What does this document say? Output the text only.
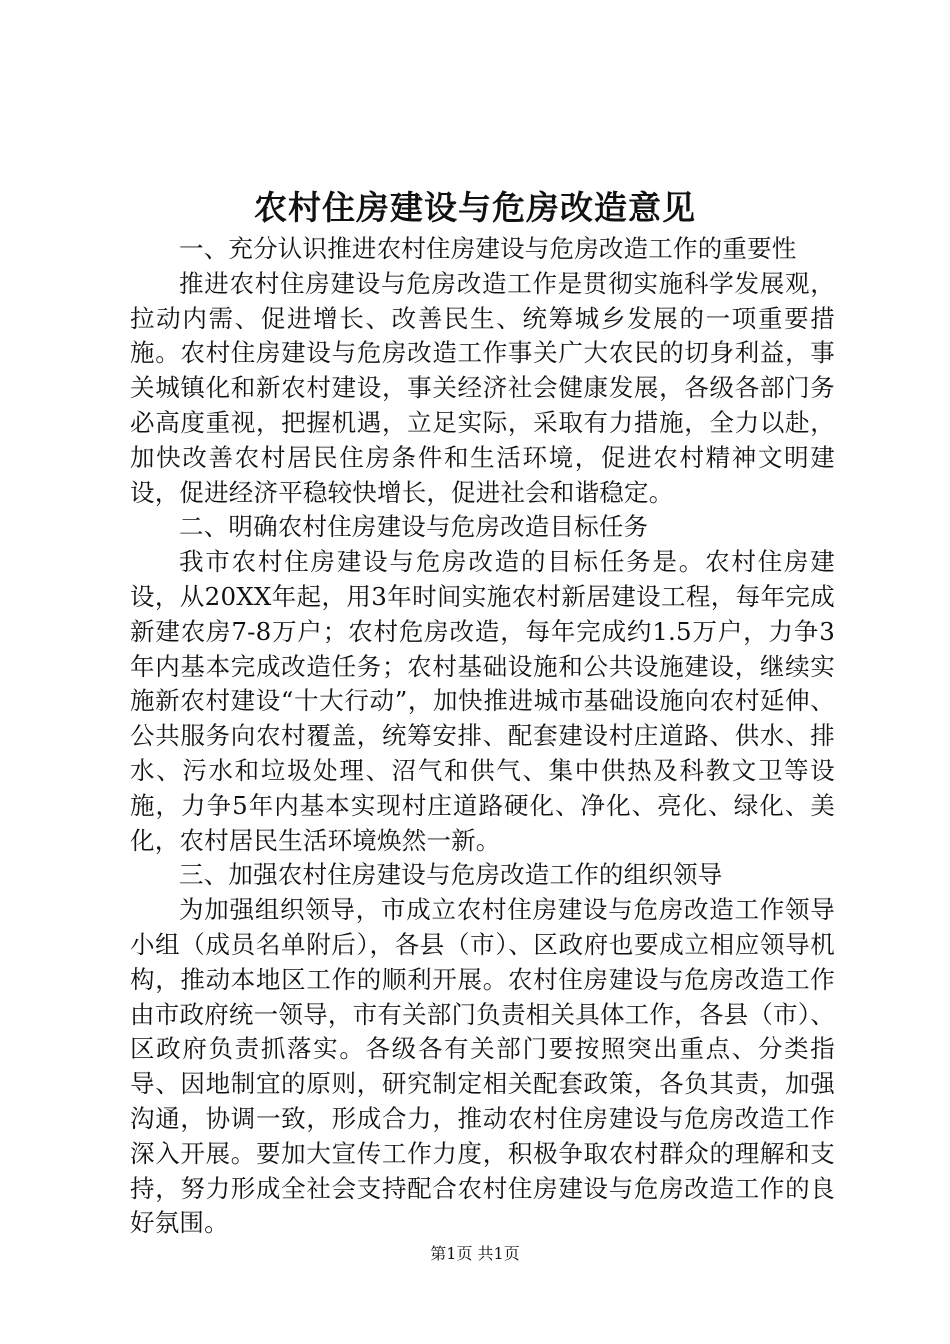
农村住房建设与危房改造意见

一、充分认识推进农村住房建设与危房改造工作的重要性

推进农村住房建设与危房改造工作是贯彻实施科学发展观，拉动内需、促进增长、改善民生、统筹城乡发展的一项重要措施。农村住房建设与危房改造工作事关广大农民的切身利益，事关城镇化和新农村建设，事关经济社会健康发展，各级各部门务必高度重视，把握机遇，立足实际，采取有力措施，全力以赴，加快改善农村居民住房条件和生活环境，促进农村精神文明建设，促进经济平稳较快增长，促进社会和谐稳定。

二、明确农村住房建设与危房改造目标任务

我市农村住房建设与危房改造的目标任务是。农村住房建设，从20XX年起，用3年时间实施农村新居建设工程，每年完成新建农房7-8万户；农村危房改造，每年完成约1.5万户，力争3年内基本完成改造任务；农村基础设施和公共设施建设，继续实施新农村建设“十大行动”，加快推进城市基础设施向农村延伸、公共服务向农村覆盖，统筹安排、配套建设村庄道路、供水、排水、污水和垃圾处理、沼气和供气、集中供热及科教文卫等设施，力争5年内基本实现村庄道路硬化、净化、亮化、绿化、美化，农村居民生活环境焕然一新。

三、加强农村住房建设与危房改造工作的组织领导

为加强组织领导，市成立农村住房建设与危房改造工作领导小组（成员名单附后），各县（市）、区政府也要成立相应领导机构，推动本地区工作的顺利开展。农村住房建设与危房改造工作由市政府统一领导，市有关部门负责相关具体工作，各县（市）、区政府负责抓落实。各级各有关部门要按照突出重点、分类指导、因地制宜的原则，研究制定相关配套政策，各负其责，加强沟通，协调一致，形成合力，推动农村住房建设与危房改造工作深入开展。要加大宣传工作力度，积极争取农村群众的理解和支持，努力形成全社会支持配合农村住房建设与危房改造工作的良好氛围。

第1页 共1页
